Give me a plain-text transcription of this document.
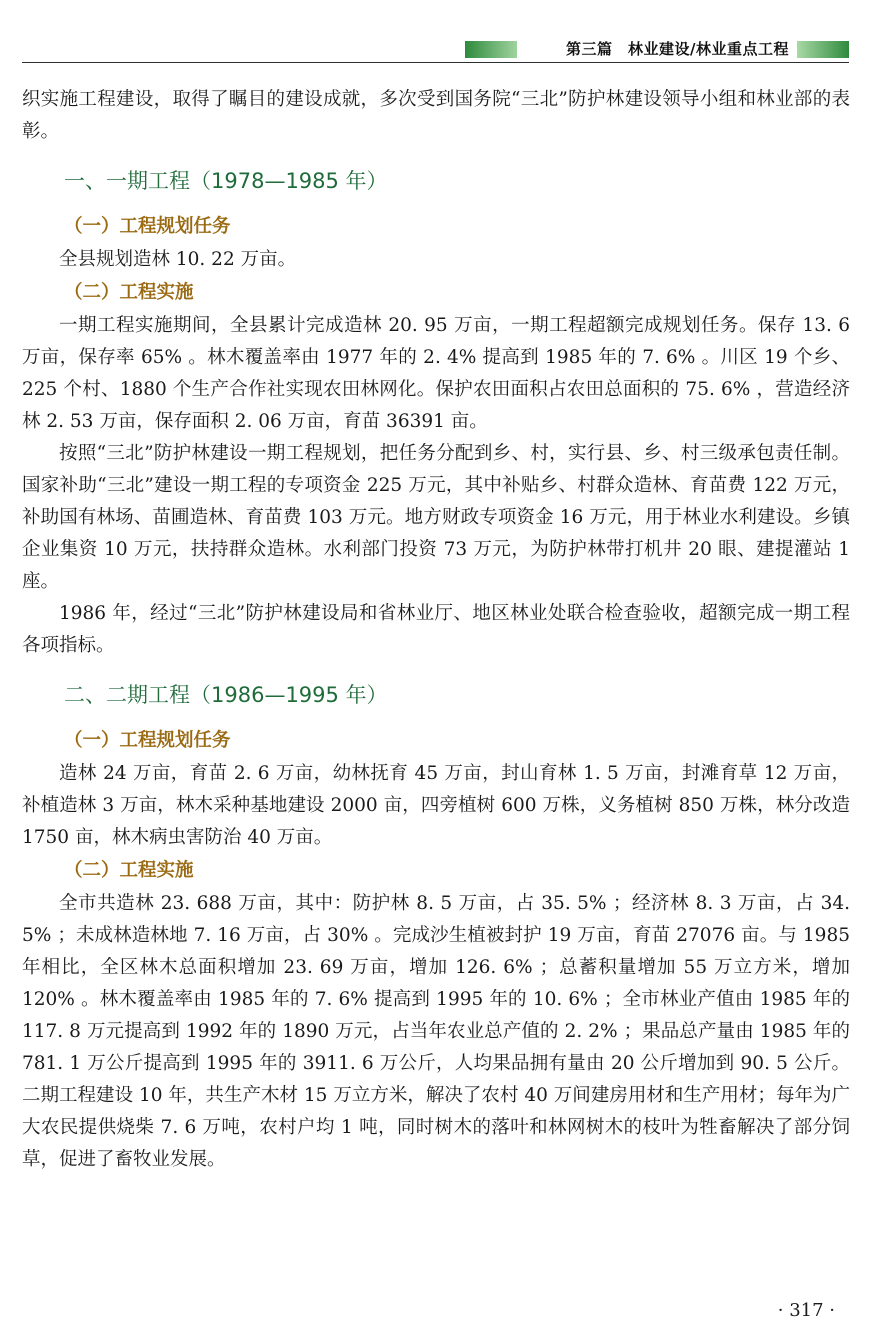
第三篇　林业建设/林业重点工程

织实施工程建设，取得了瞩目的建设成就，多次受到国务院“三北”防护林建设领导小组和林业部的表彰。

一、一期工程（1978—1985 年）
（一）工程规划任务

全县规划造林 10. 22 万亩。

（二）工程实施

一期工程实施期间，全县累计完成造林 20. 95 万亩，一期工程超额完成规划任务。保存 13. 6 万亩，保存率 65% 。林木覆盖率由 1977 年的 2. 4% 提高到 1985 年的 7. 6% 。川区 19 个乡、225 个村、1880 个生产合作社实现农田林网化。保护农田面积占农田总面积的 75. 6% ，营造经济林 2. 53 万亩，保存面积 2. 06 万亩，育苗 36391 亩。

按照“三北”防护林建设一期工程规划，把任务分配到乡、村，实行县、乡、村三级承包责任制。国家补助“三北”建设一期工程的专项资金 225 万元，其中补贴乡、村群众造林、育苗费 122 万元，补助国有林场、苗圃造林、育苗费 103 万元。地方财政专项资金 16 万元，用于林业水利建设。乡镇企业集资 10 万元，扶持群众造林。水利部门投资 73 万元，为防护林带打机井 20 眼、建提灌站 1 座。

1986 年，经过“三北”防护林建设局和省林业厅、地区林业处联合检查验收，超额完成一期工程各项指标。

二、二期工程（1986—1995 年）
（一）工程规划任务

造林 24 万亩，育苗 2. 6 万亩，幼林抚育 45 万亩，封山育林 1. 5 万亩，封滩育草 12 万亩，补植造林 3 万亩，林木采种基地建设 2000 亩，四旁植树 600 万株，义务植树 850 万株，林分改造 1750 亩，林木病虫害防治 40 万亩。

（二）工程实施

全市共造林 23. 688 万亩，其中：防护林 8. 5 万亩，占 35. 5% ；经济林 8. 3 万亩，占 34. 5% ；未成林造林地 7. 16 万亩，占 30% 。完成沙生植被封护 19 万亩，育苗 27076 亩。与 1985 年相比，全区林木总面积增加 23. 69 万亩，增加 126. 6% ；总蓄积量增加 55 万立方米，增加 120% 。林木覆盖率由 1985 年的 7. 6% 提高到 1995 年的 10. 6% ；全市林业产值由 1985 年的 117. 8 万元提高到 1992 年的 1890 万元，占当年农业总产值的 2. 2% ；果品总产量由 1985 年的 781. 1 万公斤提高到 1995 年的 3911. 6 万公斤，人均果品拥有量由 20 公斤增加到 90. 5 公斤。二期工程建设 10 年，共生产木材 15 万立方米，解决了农村 40 万间建房用材和生产用材；每年为广大农民提供烧柴 7. 6 万吨，农村户均 1 吨，同时树木的落叶和林网树木的枝叶为牲畜解决了部分饲草，促进了畜牧业发展。

· 317 ·
